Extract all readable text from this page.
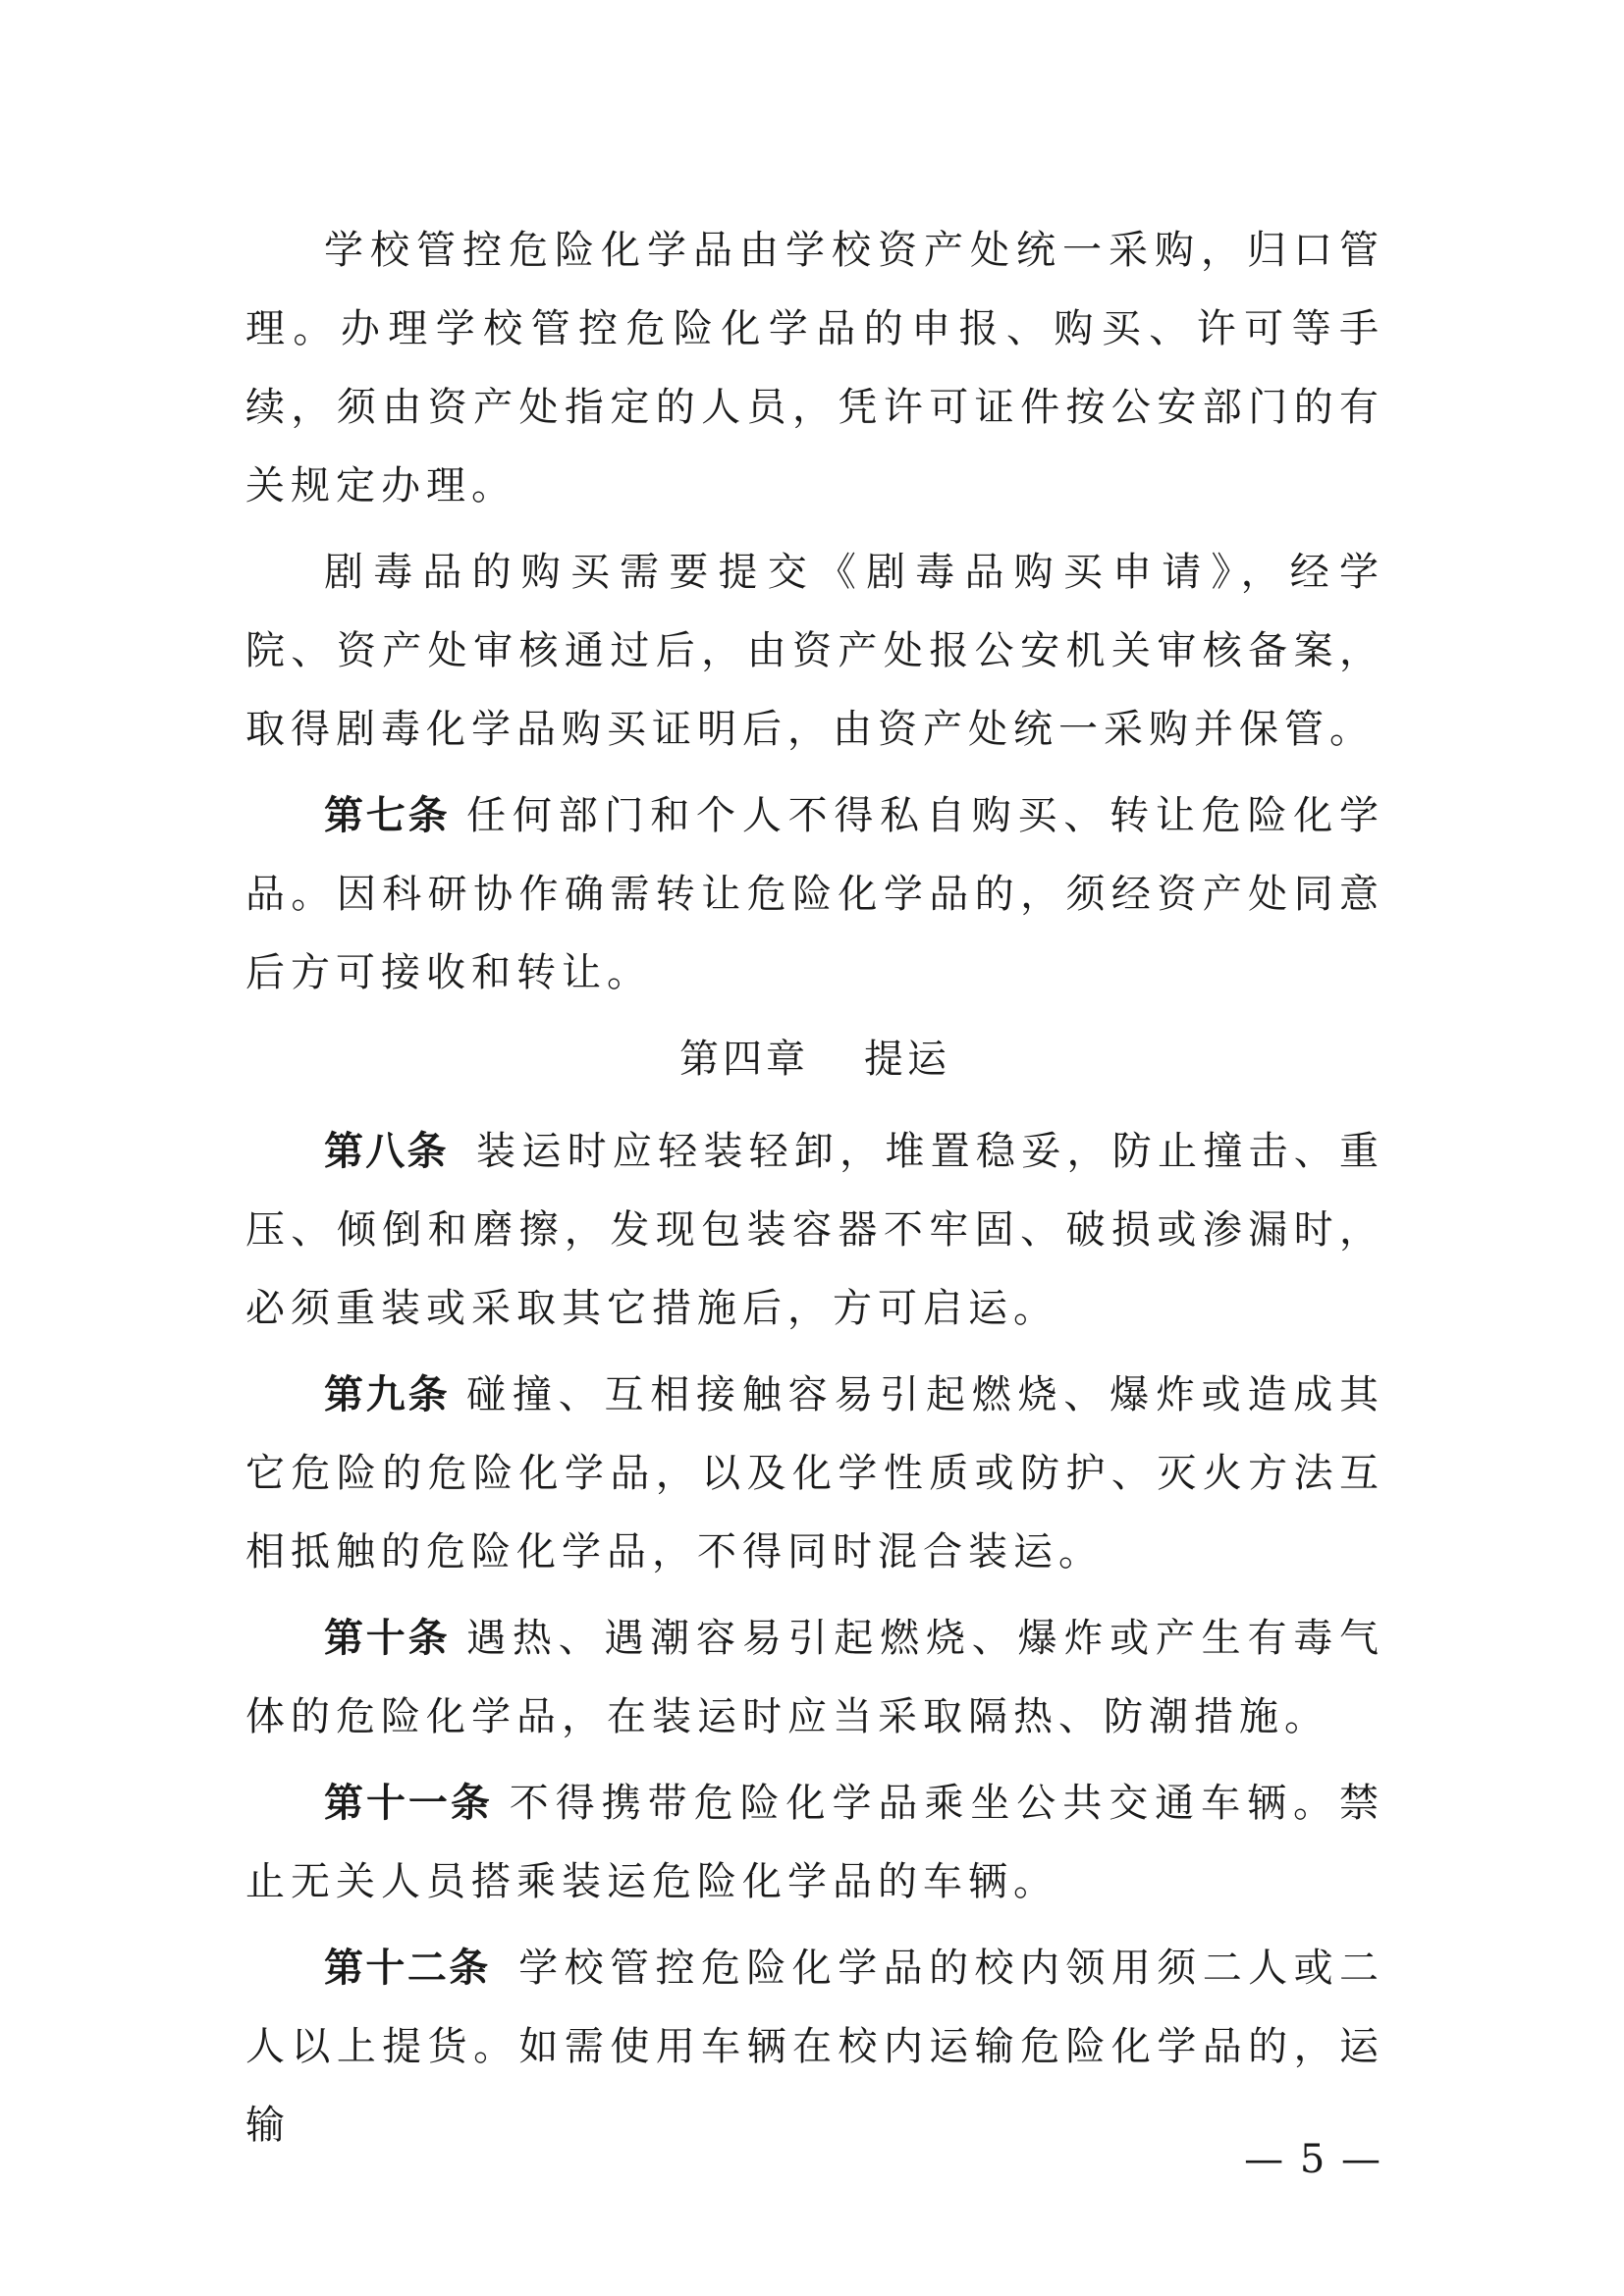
学校管控危险化学品由学校资产处统一采购，归口管理。办理学校管控危险化学品的申报、购买、许可等手续，须由资产处指定的人员，凭许可证件按公安部门的有关规定办理。

剧毒品的购买需要提交《剧毒品购买申请》，经学院、资产处审核通过后，由资产处报公安机关审核备案，取得剧毒化学品购买证明后，由资产处统一采购并保管。

第七条 任何部门和个人不得私自购买、转让危险化学品。因科研协作确需转让危险化学品的，须经资产处同意后方可接收和转让。

第四章 提运

第八条 装运时应轻装轻卸，堆置稳妥，防止撞击、重压、倾倒和磨擦，发现包装容器不牢固、破损或渗漏时，必须重装或采取其它措施后，方可启运。

第九条 碰撞、互相接触容易引起燃烧、爆炸或造成其它危险的危险化学品，以及化学性质或防护、灭火方法互相抵触的危险化学品，不得同时混合装运。

第十条 遇热、遇潮容易引起燃烧、爆炸或产生有毒气体的危险化学品，在装运时应当采取隔热、防潮措施。

第十一条 不得携带危险化学品乘坐公共交通车辆。禁止无关人员搭乘装运危险化学品的车辆。

第十二条 学校管控危险化学品的校内领用须二人或二人以上提货。如需使用车辆在校内运输危险化学品的，运输

— 5 —
